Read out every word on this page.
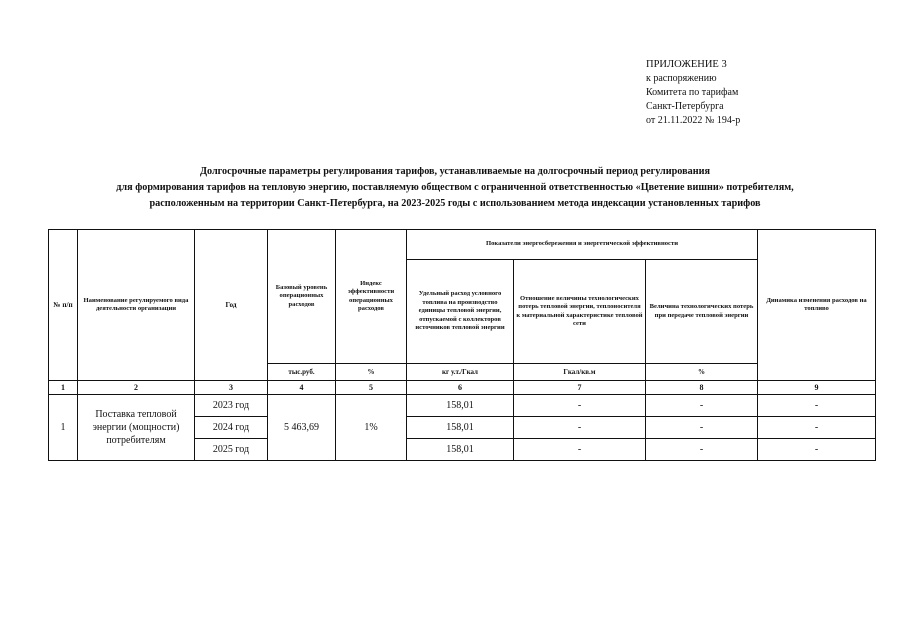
ПРИЛОЖЕНИЕ 3
к распоряжению
Комитета по тарифам
Санкт-Петербурга
от 21.11.2022 № 194-р
Долгосрочные параметры регулирования тарифов, устанавливаемые на долгосрочный период регулирования
для формирования тарифов на тепловую энергию, поставляемую обществом с ограниченной ответственностью «Цветение вишни» потребителям,
расположенным на территории Санкт-Петербурга, на 2023-2025 годы с использованием метода индексации установленных тарифов
№ п/п	Наименование регулируемого вида деятельности организации	Год	Базовый уровень операционных расходов	Индекс эффективности операционных расходов	Показатели энергосбережения и энергетической эффективности			Динамика изменения расходов на топливо
					Удельный расход условного топлива на производство единицы тепловой энергии, отпускаемой с коллекторов источников тепловой энергии	Отношение величины технологических потерь тепловой энергии, теплоносителя к материальной характеристике тепловой сети	Величина технологических потерь при передаче тепловой энергии	
			тыс.руб.	%	кг у.т./Гкал	Гкал/кв.м	%	
1	2	3	4	5	6	7	8	9
1	Поставка тепловой энергии (мощности) потребителям	2023 год	5 463,69	1%	158,01	-	-	-
		2024 год			158,01	-	-	-
		2025 год			158,01	-	-	-
